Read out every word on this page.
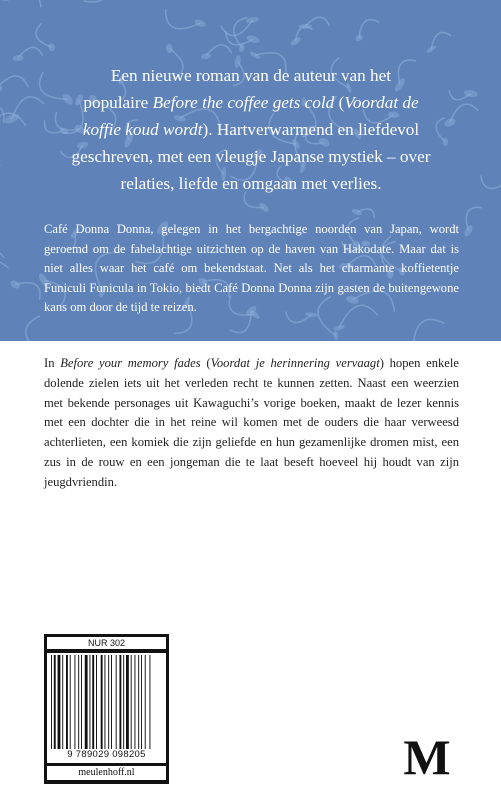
Een nieuwe roman van de auteur van het
populaire Before the coffee gets cold (Voordat de
koffie koud wordt). Hartverwarmend en liefdevol
geschreven, met een vleugje Japanse mystiek – over
relaties, liefde en omgaan met verlies.
Café Donna Donna, gelegen in het bergachtige noorden van Japan, wordt geroemd om de fabelachtige uitzichten op de haven van Hakodate. Maar dat is niet alles waar het café om bekendstaat. Net als het charmante koffietentje Funiculi Funicula in Tokio, biedt Café Donna Donna zijn gasten de buitengewone kans om door de tijd te reizen.
In Before your memory fades (Voordat je herinnering vervaagt) hopen enkele dolende zielen iets uit het verleden recht te kunnen zetten. Naast een weerzien met bekende personages uit Kawaguchi’s vorige boeken, maakt de lezer kennis met een dochter die in het reine wil komen met de ouders die haar verweesd achterlieten, een komiek die zijn geliefde en hun gezamenlijke dromen mist, een zus in de rouw en een jongeman die te laat beseft hoeveel hij houdt van zijn jeugdvriendin.
NUR 302
9 789029 098205
meulenhoff.nl	M
